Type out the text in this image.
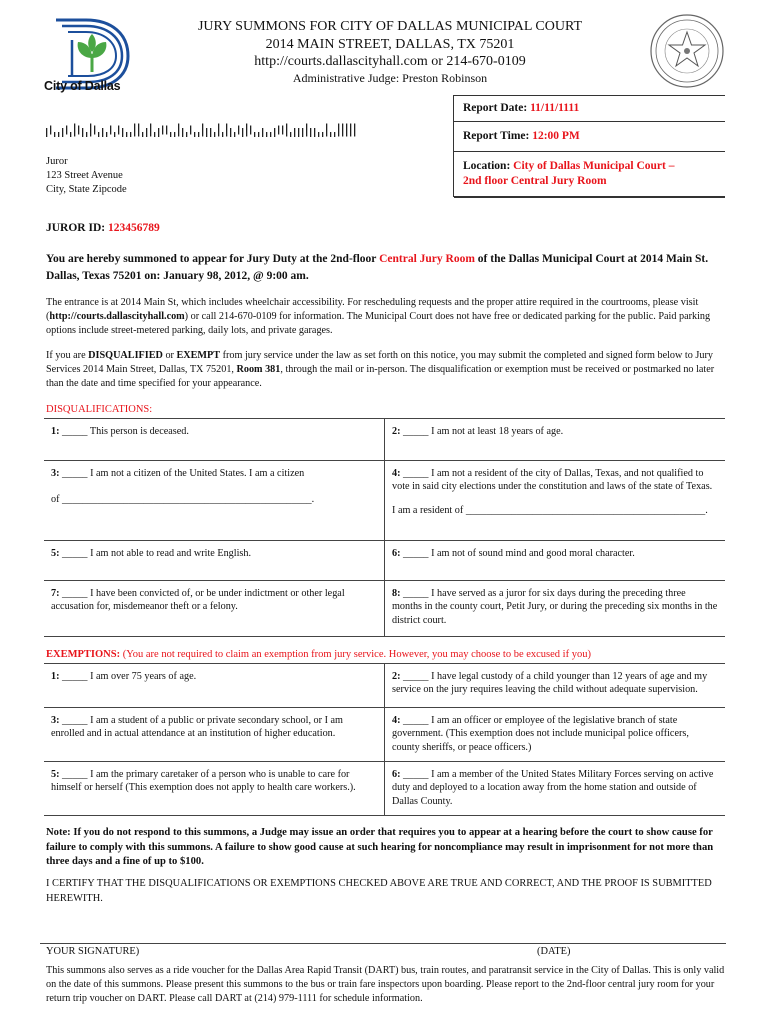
City of Dallas
JURY SUMMONS FOR CITY OF DALLAS MUNICIPAL COURT
2014 MAIN STREET, DALLAS, TX 75201
http://courts.dallascityhall.com or 214-670-0109
Administrative Judge: Preston Robinson
Report Date: 11/11/1111
Report Time: 12:00 PM
Location: City of Dallas Municipal Court –
2nd floor Central Jury Room
Juror
123 Street Avenue
City, State Zipcode
JUROR ID: 123456789
You are hereby summoned to appear for Jury Duty at the 2nd-floor Central Jury Room of the Dallas Municipal Court at 2014 Main St. Dallas, Texas 75201 on: January 98, 2012, @ 9:00 am.

The entrance is at 2014 Main St, which includes wheelchair accessibility. For rescheduling requests and the proper attire required in the courtrooms, please visit (http://courts.dallascityhall.com) or call 214-670-0109 for information. The Municipal Court does not have free or dedicated parking for the public. Paid parking options include street-metered parking, daily lots, and private garages.

If you are DISQUALIFIED or EXEMPT from jury service under the law as set forth on this notice, you may submit the completed and signed form below to Jury Services 2014 Main Street, Dallas, TX 75201, Room 381, through the mail or in-person. The disqualification or exemption must be received or postmarked no later than the date and time specified for your appearance.

DISQUALIFICATIONS:
1: _____ This person is deceased.	2: _____ I am not at least 18 years of age.
3: _____ I am not a citizen of the United States. I am a citizen
of _________________________________________________.	4: _____ I am not a resident of the city of Dallas, Texas, and not qualified to vote in said city elections under the constitution and laws of the state of Texas.
I am a resident of _______________________________________________.

5: _____ I am not able to read and write English.	6: _____ I am not of sound mind and good moral character.
7: _____ I have been convicted of, or be under indictment or other legal accusation for, misdemeanor theft or a felony.	8: _____ I have served as a juror for six days during the preceding three months in the county court, Petit Jury, or during the preceding six months in the district court.
EXEMPTIONS: (You are not required to claim an exemption from jury service. However, you may choose to be excused if you)
1: _____ I am over 75 years of age.	2: _____ I have legal custody of a child younger than 12 years of age and my service on the jury requires leaving the child without adequate supervision.
3: _____ I am a student of a public or private secondary school, or I am enrolled and in actual attendance at an institution of higher education.	4: _____ I am an officer or employee of the legislative branch of state government. (This exemption does not include municipal police officers, county sheriffs, or peace officers.)
5: _____ I am the primary caretaker of a person who is unable to care for himself or herself (This exemption does not apply to health care workers.).	6: _____ I am a member of the United States Military Forces serving on active duty and deployed to a location away from the home station and outside of Dallas County.
Note: If you do not respond to this summons, a Judge may issue an order that requires you to appear at a hearing before the court to show cause for failure to comply with this summons. A failure to show good cause at such hearing for noncompliance may result in imprisonment for not more than three days and a fine of up to $100.
I CERTIFY THAT THE DISQUALIFICATIONS OR EXEMPTIONS CHECKED ABOVE ARE TRUE AND CORRECT, AND THE PROOF IS SUBMITTED HEREWITH.
YOUR SIGNATURE)	(DATE)
This summons also serves as a ride voucher for the Dallas Area Rapid Transit (DART) bus, train routes, and paratransit service in the City of Dallas. This is only valid on the date of this summons. Please present this summons to the bus or train fare inspectors upon boarding. Please report to the 2nd-floor central jury room for your return trip voucher on DART. Please call DART at (214) 979-1111 for schedule information.
